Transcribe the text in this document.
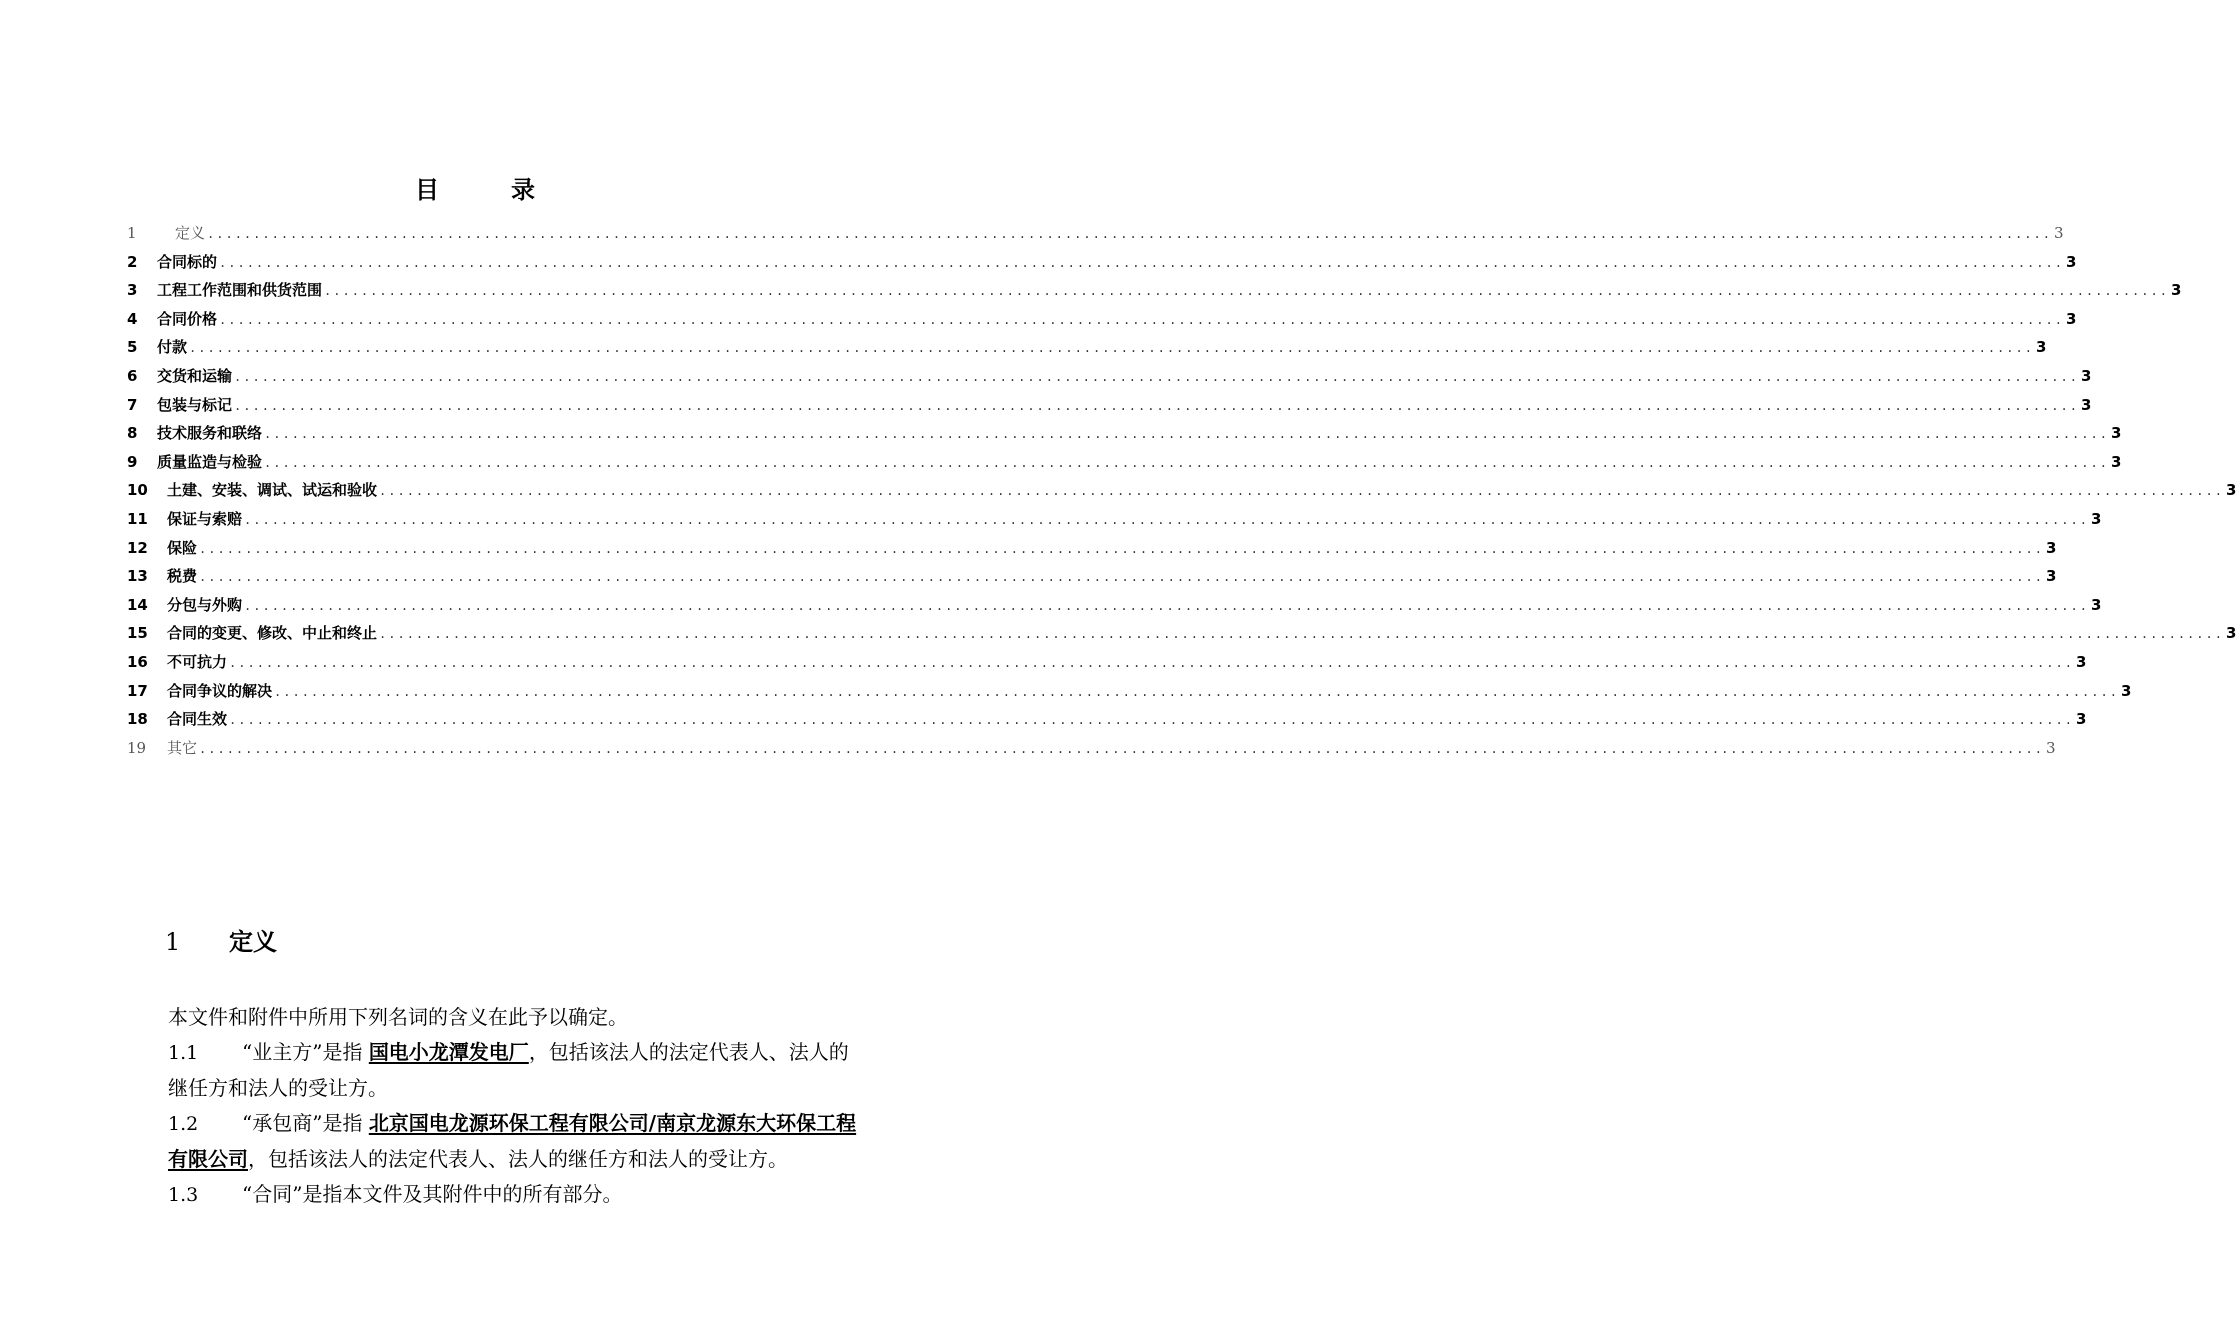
目	录
1	定义 ........................................................................................................................................................................................................ 3
2	合同标的 ........................................................................................................................................................................................................ 3
3	工程工作范围和供货范围 ........................................................................................................................................................................................................ 3
4	合同价格 ........................................................................................................................................................................................................ 3
5	付款 ........................................................................................................................................................................................................ 3
6	交货和运输 ........................................................................................................................................................................................................ 3
7	包装与标记 ........................................................................................................................................................................................................ 3
8	技术服务和联络 ........................................................................................................................................................................................................ 3
9	质量监造与检验 ........................................................................................................................................................................................................ 3
10	土建、安装、调试、试运和验收 ........................................................................................................................................................................................................ 3
11	保证与索赔 ........................................................................................................................................................................................................ 3
12	保险 ........................................................................................................................................................................................................ 3
13	税费 ........................................................................................................................................................................................................ 3
14	分包与外购 ........................................................................................................................................................................................................ 3
15	合同的变更、修改、中止和终止 ........................................................................................................................................................................................................ 3
16	不可抗力 ........................................................................................................................................................................................................ 3
17	合同争议的解决 ........................................................................................................................................................................................................ 3
18	合同生效 ........................................................................................................................................................................................................ 3
19	其它 ........................................................................................................................................................................................................ 3
1 定义

本文件和附件中所用下列名词的含义在此予以确定。

1.1 “业主方”是指 国电小龙潭发电厂，包括该法人的法定代表人、法人的继任方和法人的受让方。

1.2 “承包商”是指 北京国电龙源环保工程有限公司/南京龙源东大环保工程有限公司，包括该法人的法定代表人、法人的继任方和法人的受让方。

1.3 “合同”是指本文件及其附件中的所有部分。
